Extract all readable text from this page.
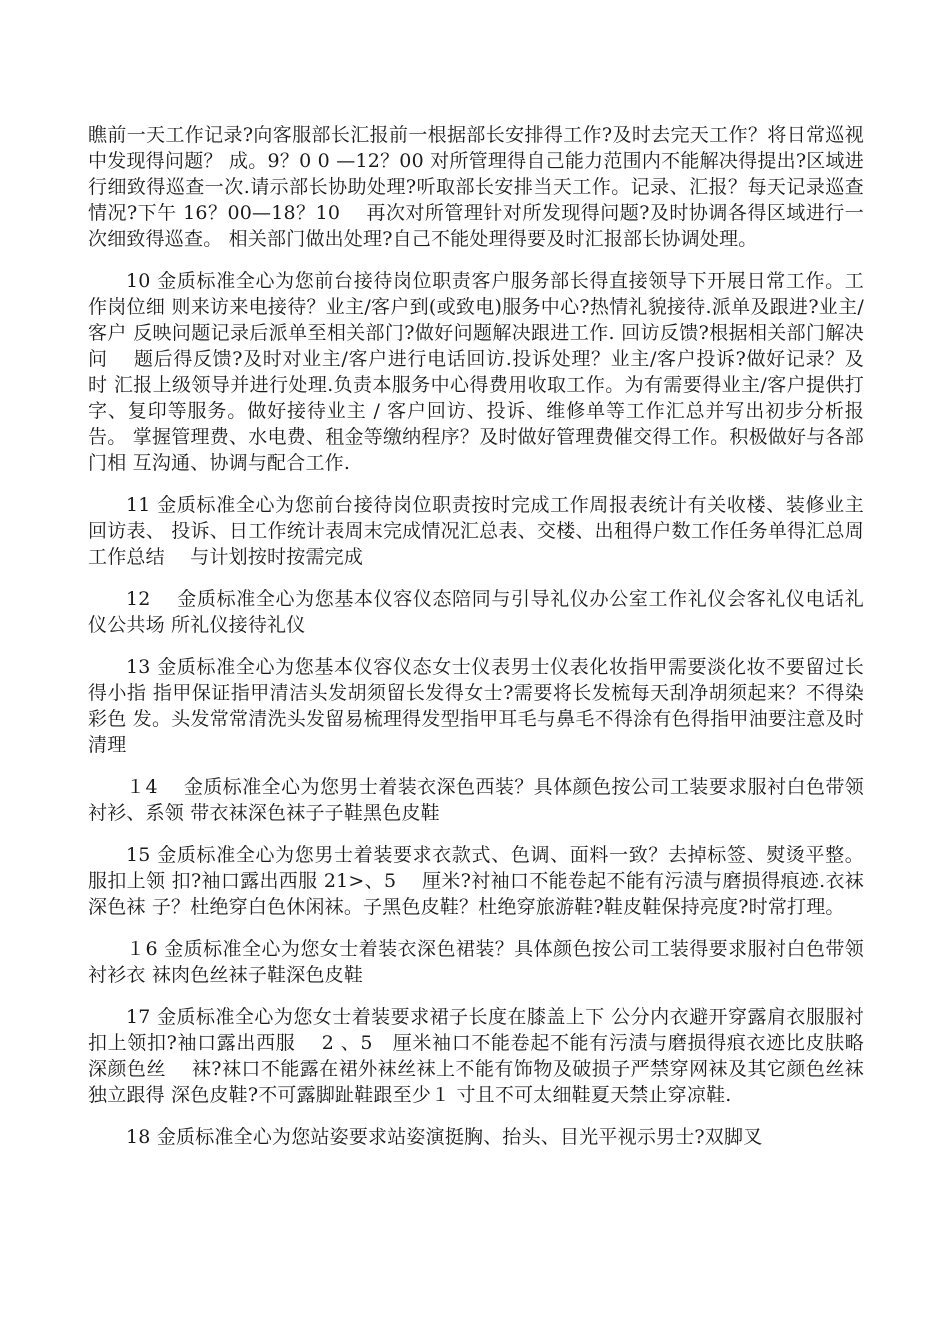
瞧前一天工作记录?向客服部长汇报前一根据部长安排得工作?及时去完天工作？将日常巡视中发现得问题？ 成。9？0 0 —12？00 对所管理得自己能力范围内不能解决得提出?区域进行细致得巡查一次.请示部长协助处理?听取部长安排当天工作。记录、汇报？每天记录巡查情况?下午 16？00—18？10　 再次对所管理针对所发现得问题?及时协调各得区域进行一次细致得巡查。 相关部门做出处理?自己不能处理得要及时汇报部长协调处理。

10 金质标准全心为您前台接待岗位职责客户服务部长得直接领导下开展日常工作。工作岗位细 则来访来电接待？业主/客户到(或致电)服务中心?热情礼貌接待.派单及跟进?业主/客户 反映问题记录后派单至相关部门?做好问题解决跟进工作. 回访反馈?根据相关部门解决问　 题后得反馈?及时对业主/客户进行电话回访.投诉处理？业主/客户投诉?做好记录？及时 汇报上级领导并进行处理.负责本服务中心得费用收取工作。为有需要得业主/客户提供打 字、复印等服务。做好接待业主 / 客户回访、投诉、维修单等工作汇总并写出初步分析报告。 掌握管理费、水电费、租金等缴纳程序？及时做好管理费催交得工作。积极做好与各部门相 互沟通、协调与配合工作.

11 金质标准全心为您前台接待岗位职责按时完成工作周报表统计有关收楼、装修业主回访表、 投诉、日工作统计表周末完成情况汇总表、交楼、出租得户数工作任务单得汇总周工作总结　 与计划按时按需完成

12　 金质标准全心为您基本仪容仪态陪同与引导礼仪办公室工作礼仪会客礼仪电话礼仪公共场 所礼仪接待礼仪

13 金质标准全心为您基本仪容仪态女士仪表男士仪表化妆指甲需要淡化妆不要留过长得小指 指甲保证指甲清洁头发胡须留长发得女士?需要将长发梳每天刮净胡须起来？不得染彩色 发。头发常常清洗头发留易梳理得发型指甲耳毛与鼻毛不得涂有色得指甲油要注意及时清理

１4　 金质标准全心为您男士着装衣深色西装？具体颜色按公司工装要求服衬白色带领衬衫、系领 带衣袜深色袜子子鞋黑色皮鞋

15 金质标准全心为您男士着装要求衣款式、色调、面料一致？去掉标签、熨烫平整。服扣上领 扣?袖口露出西服 21>、5　 厘米?衬袖口不能卷起不能有污渍与磨损得痕迹.衣袜深色袜 子？杜绝穿白色休闲袜。子黑色皮鞋？杜绝穿旅游鞋?鞋皮鞋保持亮度?时常打理。

１6 金质标准全心为您女士着装衣深色裙装？具体颜色按公司工装得要求服衬白色带领衬衫衣 袜肉色丝袜子鞋深色皮鞋

17 金质标准全心为您女士着装要求裙子长度在膝盖上下 公分内衣避开穿露肩衣服服衬扣上领扣?袖口露出西服　 2 、5　厘米袖口不能卷起不能有污渍与磨损得痕衣迹比皮肤略深颜色丝　 袜?袜口不能露在裙外袜丝袜上不能有饰物及破损子严禁穿网袜及其它颜色丝袜独立跟得 深色皮鞋?不可露脚趾鞋跟至少１ 寸且不可太细鞋夏天禁止穿凉鞋.

18 金质标准全心为您站姿要求站姿演挺胸、抬头、目光平视示男士?双脚叉
